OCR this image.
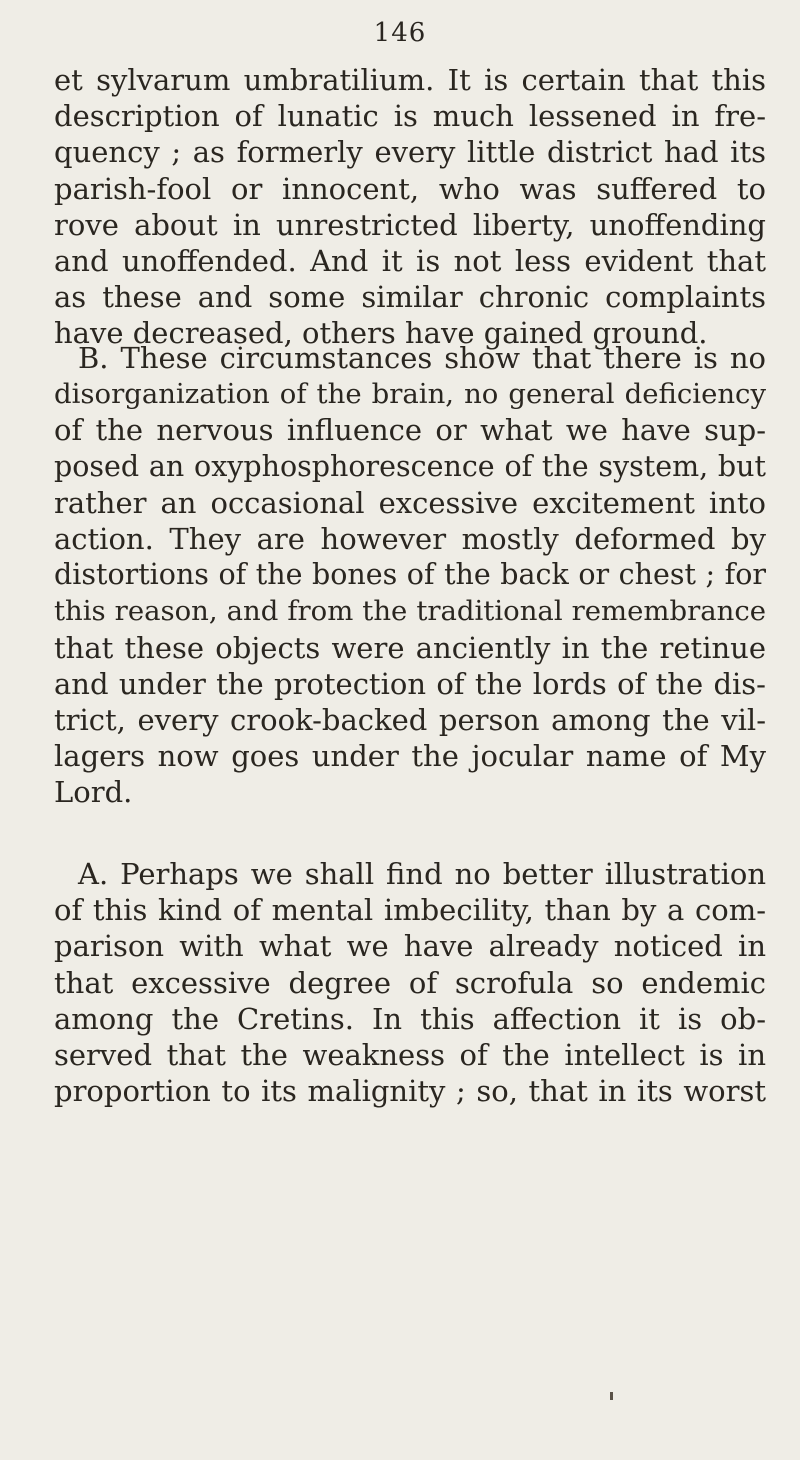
146
et sylvarum umbratilium. It is certain that this
description of lunatic is much lessened in fre-
quency ; as formerly every little district had its
parish-fool or innocent, who was suffered to
rove about in unrestricted liberty, unoffending
and unoffended. And it is not less evident that
as these and some similar chronic complaints
have decreased, others have gained ground.
B. These circumstances show that there is no
disorganization of the brain, no general deficiency
of the nervous influence or what we have sup-
posed an oxyphosphorescence of the system, but
rather an occasional excessive excitement into
action. They are however mostly deformed by
distortions of the bones of the back or chest ; for
this reason, and from the traditional remembrance
that these objects were anciently in the retinue
and under the protection of the lords of the dis-
trict, every crook-backed person among the vil-
lagers now goes under the jocular name of My
Lord.
A. Perhaps we shall find no better illustration
of this kind of mental imbecility, than by a com-
parison with what we have already noticed in
that excessive degree of scrofula so endemic
among the Cretins. In this affection it is ob-
served that the weakness of the intellect is in
proportion to its malignity ; so, that in its worst
